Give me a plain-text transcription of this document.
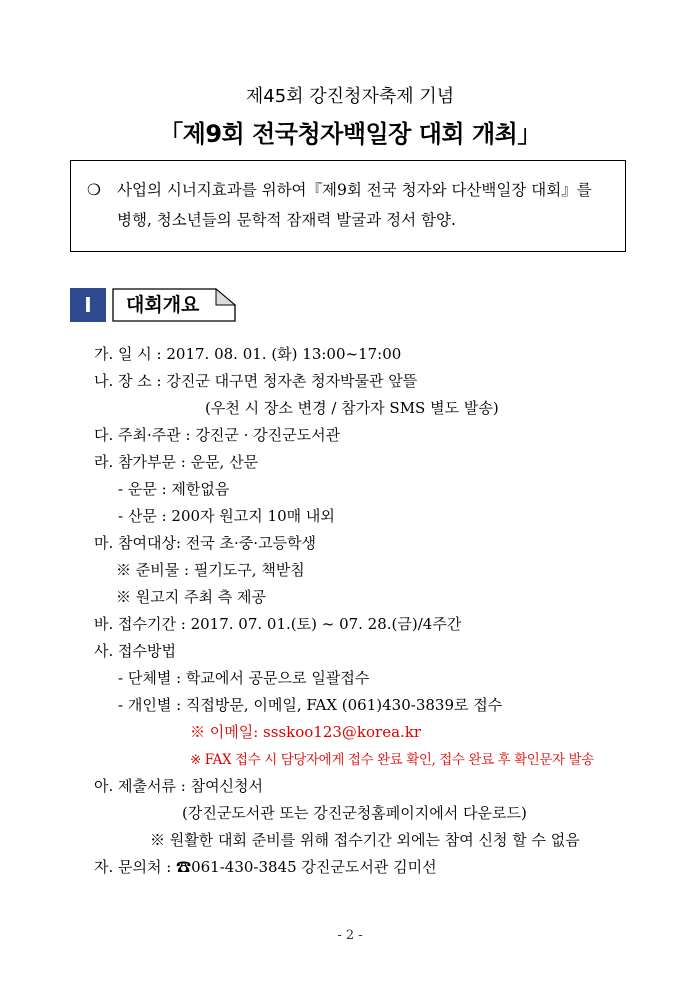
제45회 강진청자축제 기념
「제9회 전국청자백일장 대회 개최」
❍ 사업의 시너지효과를 위하여『제9회 전국 청자와 다산백일장 대회』를
병행, 청소년들의 문학적 잠재력 발굴과 정서 함양.
Ⅰ	대회개요
가. 일 시 : 2017. 08. 01. (화) 13:00~17:00
나. 장 소 : 강진군 대구면 청자촌 청자박물관 앞뜰
(우천 시 장소 변경 / 참가자 SMS 별도 발송)
다. 주최·주관 : 강진군 · 강진군도서관
라. 참가부문 : 운문, 산문
- 운문 : 제한없음
- 산문 : 200자 원고지 10매 내외
마. 참여대상: 전국 초·중·고등학생
※ 준비물 : 필기도구, 책받침
※ 원고지 주최 측 제공
바. 접수기간 : 2017. 07. 01.(토) ~ 07. 28.(금)/4주간
사. 접수방법
- 단체별 : 학교에서 공문으로 일괄접수
- 개인별 : 직접방문, 이메일, FAX (061)430-3839로 접수
※ 이메일: ssskoo123@korea.kr
※ FAX 접수 시 담당자에게 접수 완료 확인, 접수 완료 후 확인문자 발송
아. 제출서류 : 참여신청서
(강진군도서관 또는 강진군청홈페이지에서 다운로드)
※ 원활한 대회 준비를 위해 접수기간 외에는 참여 신청 할 수 없음
자. 문의처 : ☎061-430-3845 강진군도서관 김미선
- 2 -
